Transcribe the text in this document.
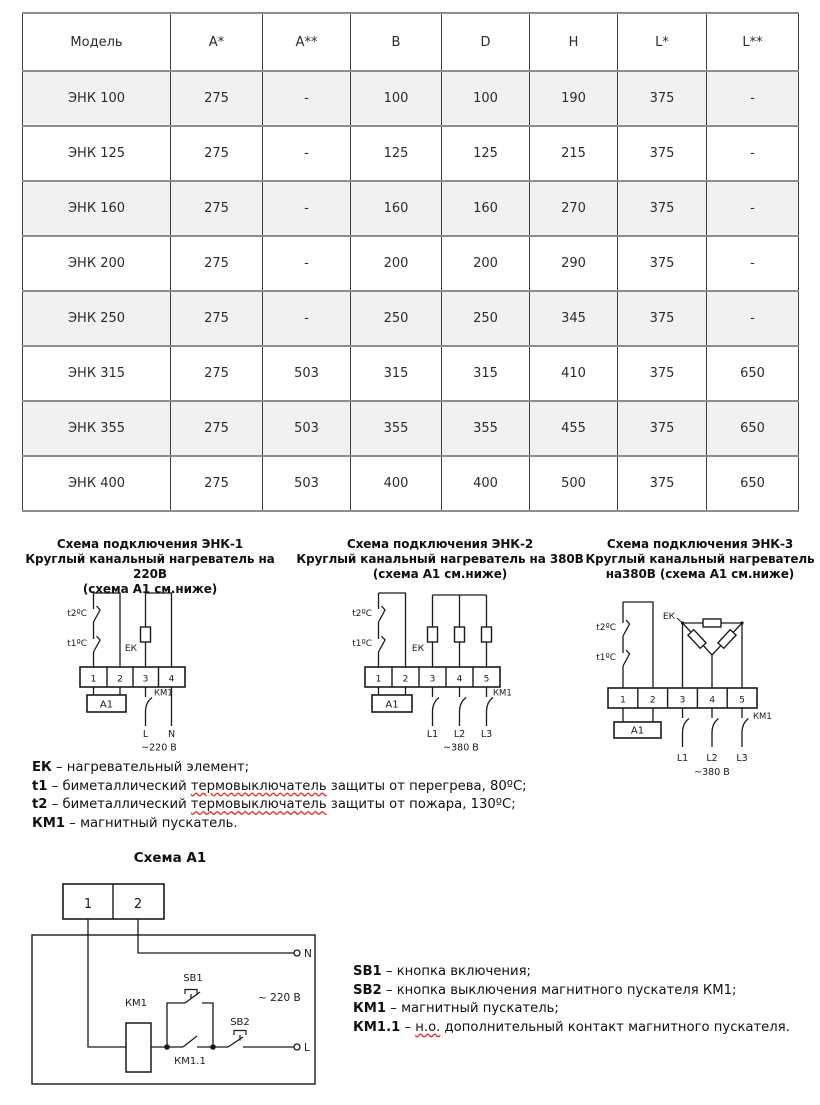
Модель	A*	A**	B	D	H	L*	L**
ЭНК 100	275	-	100	100	190	375	-
ЭНК 125	275	-	125	125	215	375	-
ЭНК 160	275	-	160	160	270	375	-
ЭНК 200	275	-	200	200	290	375	-
ЭНК 250	275	-	250	250	345	375	-
ЭНК 315	275	503	315	315	410	375	650
ЭНК 355	275	503	355	355	455	375	650
ЭНК 400	275	503	400	400	500	375	650
Схема подключения ЭНК-1
Круглый канальный нагреватель на 220В
(схема А1 см.ниже)
Схема подключения ЭНК-2
Круглый канальный нагреватель на 380В
(схема А1 см.ниже)
Схема подключения ЭНК-3
Круглый канальный нагреватель
на380В (схема А1 см.ниже)
t2ºC
t1ºC	ЕК
1 2 3 4
А1
КМ1
L N
~220 В
t2ºC
t1ºC	ЕК
1 2 3 4 5
А1
КМ1
L1 L2 L3
~380 В
t2ºC
t1ºC
ЕК
1	2	3	4	5
А1
КМ1
L1 L2 L3
~380 В
ЕК – нагревательный элемент;
t1 – биметаллический термовыключатель защиты от перегрева, 80ºС;
t2 – биметаллический термовыключатель защиты от пожара, 130ºС;
КМ1 – магнитный пускатель.
Схема А1
1	2
КМ1
SB1
SB2
КМ1.1
N
L
~ 220 В
SB1 – кнопка включения;
SB2 – кнопка выключения магнитного пускателя КМ1;
КМ1 – магнитный пускатель;
КМ1.1 – н.о. дополнительный контакт магнитного пускателя.
